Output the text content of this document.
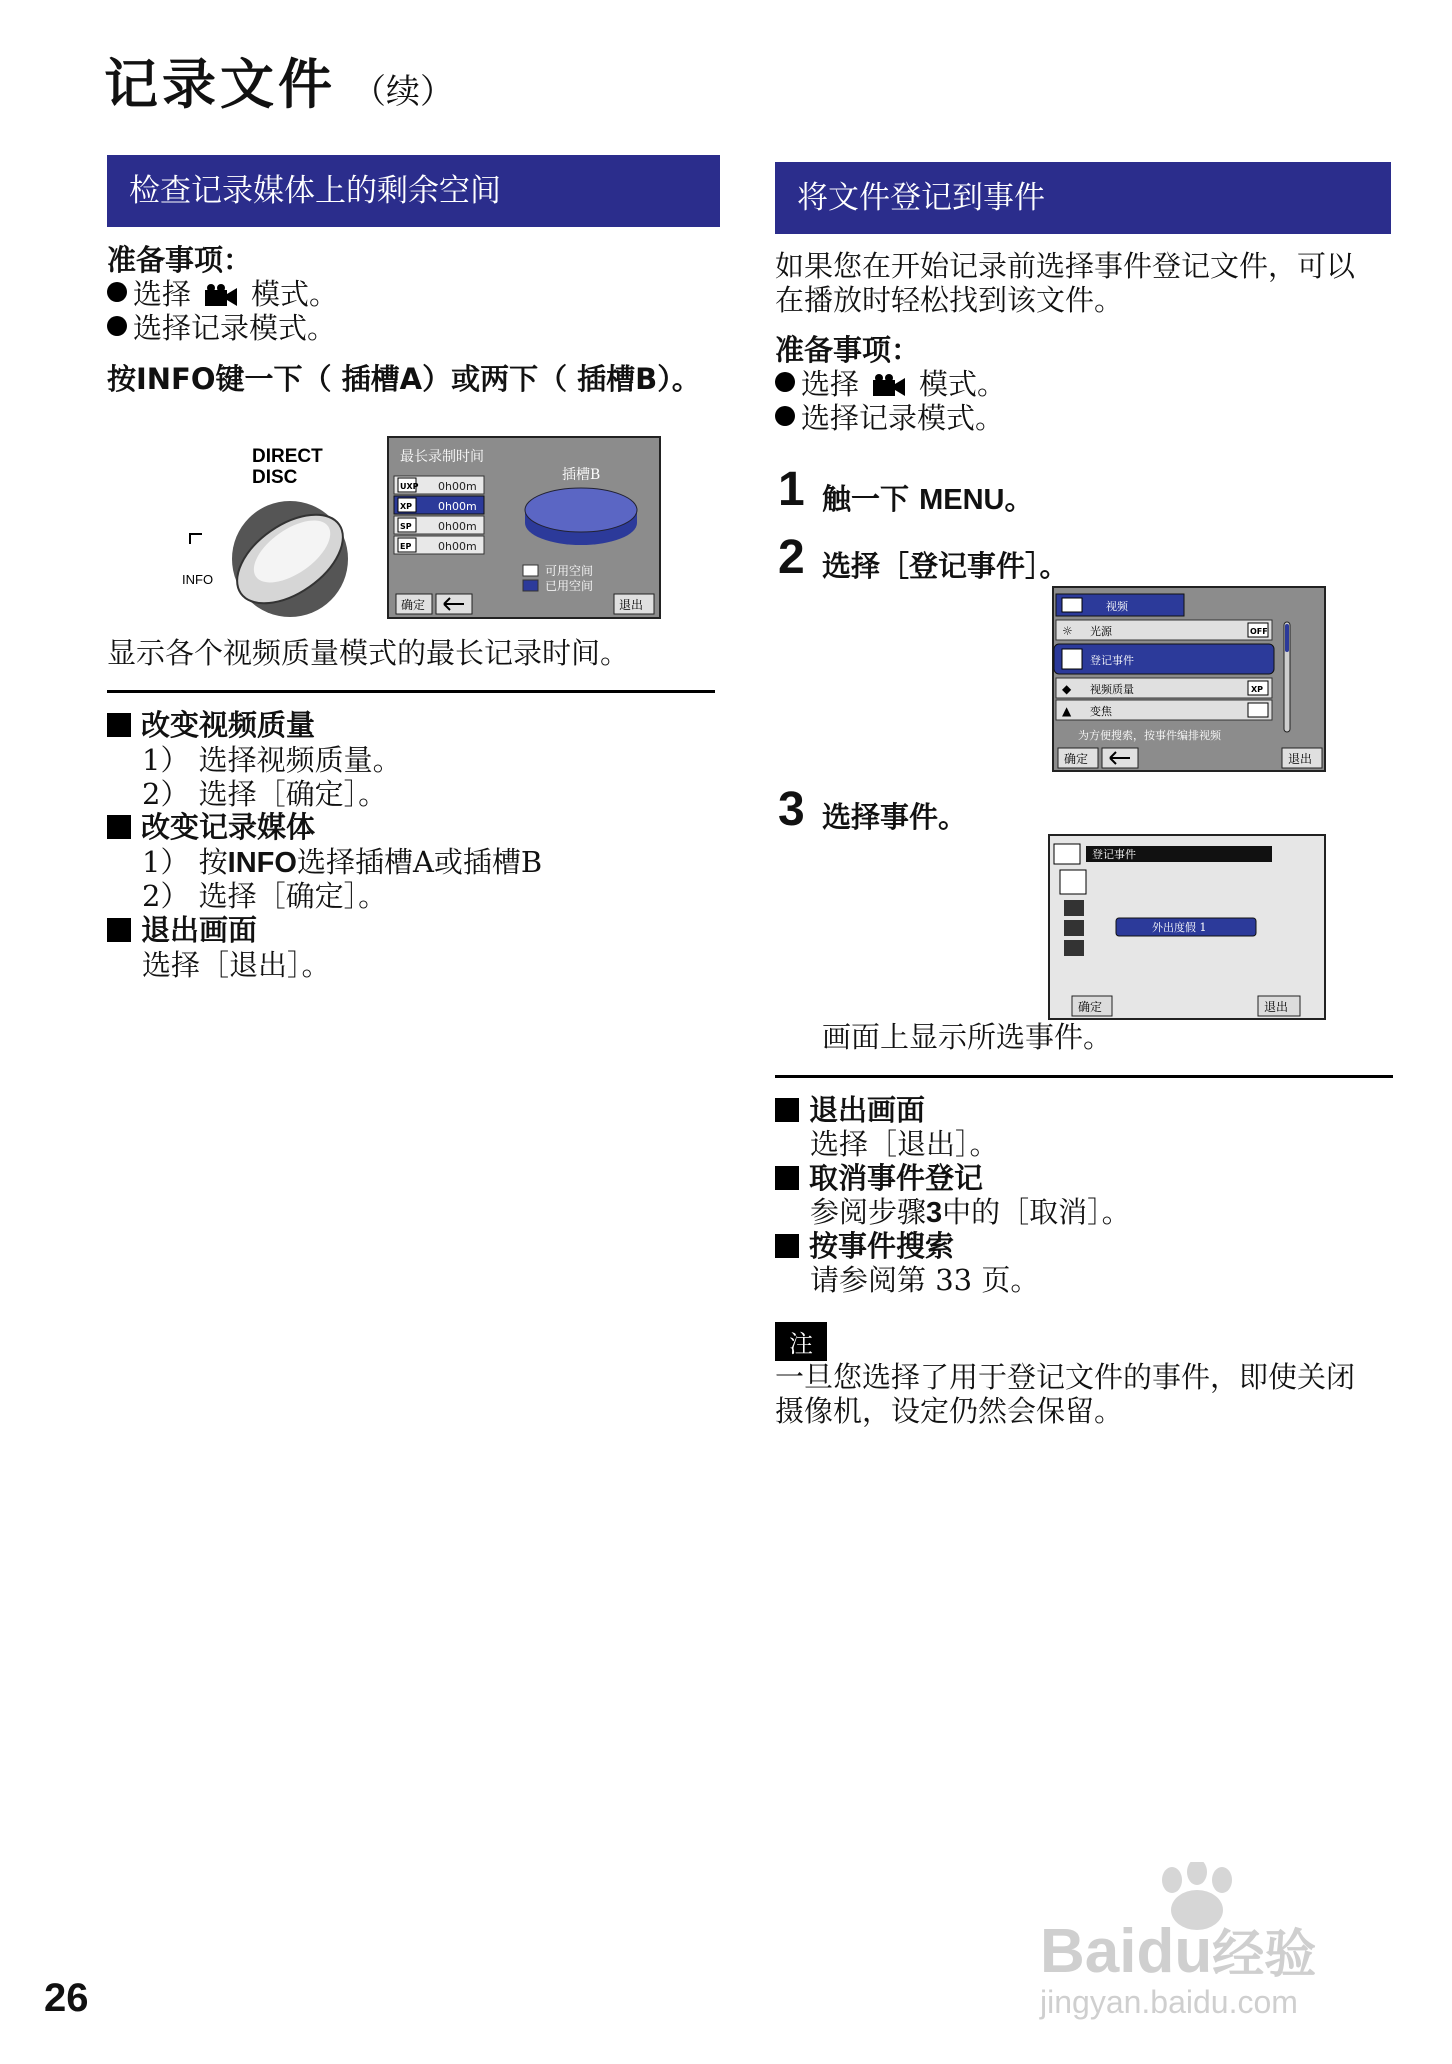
记录文件 （续）
检查记录媒体上的剩余空间
准备事项：
选择 模式。
选择记录模式。
按INFO键一下（ 插槽A）或两下（ 插槽B）。
DIRECT
DISC
INFO
最长录制时间
插槽B
UXP 0h00m
XP 0h00m
SP 0h00m
EP 0h00m
可用空间
已用空间
确定	退出
显示各个视频质量模式的最长记录时间。
改变视频质量
1） 选择视频质量。
2） 选择［确定］。
改变记录媒体
1） 按INFO选择插槽A或插槽B
2） 选择［确定］。
退出画面
选择［退出］。
将文件登记到事件
如果您在开始记录前选择事件登记文件，可以
在播放时轻松找到该文件。
准备事项：
选择 模式。
选择记录模式。
1 触一下 MENU。
2 选择［登记事件］。
视频
☼ 光源	OFF
登记事件
◆ 视频质量	XP
▲ 变焦
为方便搜索，按事件编排视频
确定	退出
3 选择事件。
登记事件
外出度假 1
确定	退出
画面上显示所选事件。
退出画面
选择［退出］。
取消事件登记
参阅步骤3中的［取消］。
按事件搜索
请参阅第 33 页。
注
一旦您选择了用于登记文件的事件，即使关闭
摄像机，设定仍然会保留。
26
Baidu经验
jingyan.baidu.com
